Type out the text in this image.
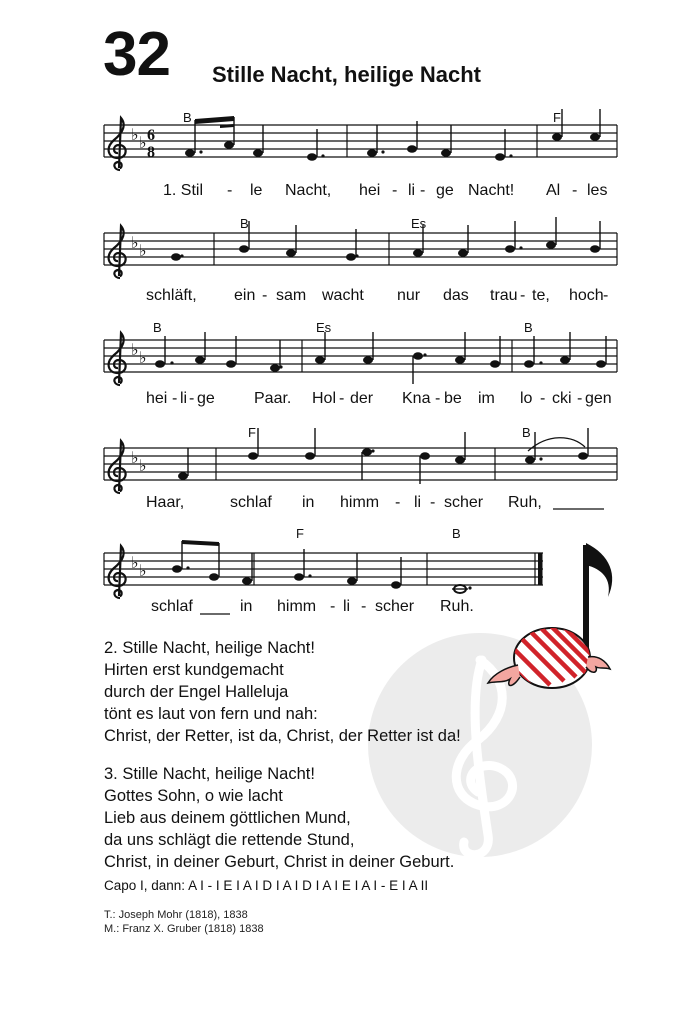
32 Stille Nacht, heilige Nacht
♭ ♭ 6
8
B	F
1. Stil - le Nacht, hei - li - ge Nacht! Al - les
♭ ♭
B	Es
schläft, ein - sam wacht nur das trau - te, hoch -
♭ ♭
B	Es	B
hei - li - ge Paar. Hol - der Kna - be im lo - cki - gen
♭ ♭
F	B
Haar,	schlaf in himm - li - scher Ruh,
♭ ♭
F	B
schlaf	in himm - li - scher Ruh.
2. Stille Nacht, heilige Nacht!
Hirten erst kundgemacht
durch der Engel Halleluja
tönt es laut von fern und nah:
Christ, der Retter, ist da, Christ, der Retter ist da!
3. Stille Nacht, heilige Nacht!
Gottes Sohn, o wie lacht
Lieb aus deinem göttlichen Mund,
da uns schlägt die rettende Stund,
Christ, in deiner Geburt, Christ in deiner Geburt.
Capo I, dann: A I - I E I A I D I A I D I A I E I A I - E I A II
T.: Joseph Mohr (1818), 1838
M.: Franz X. Gruber (1818) 1838
